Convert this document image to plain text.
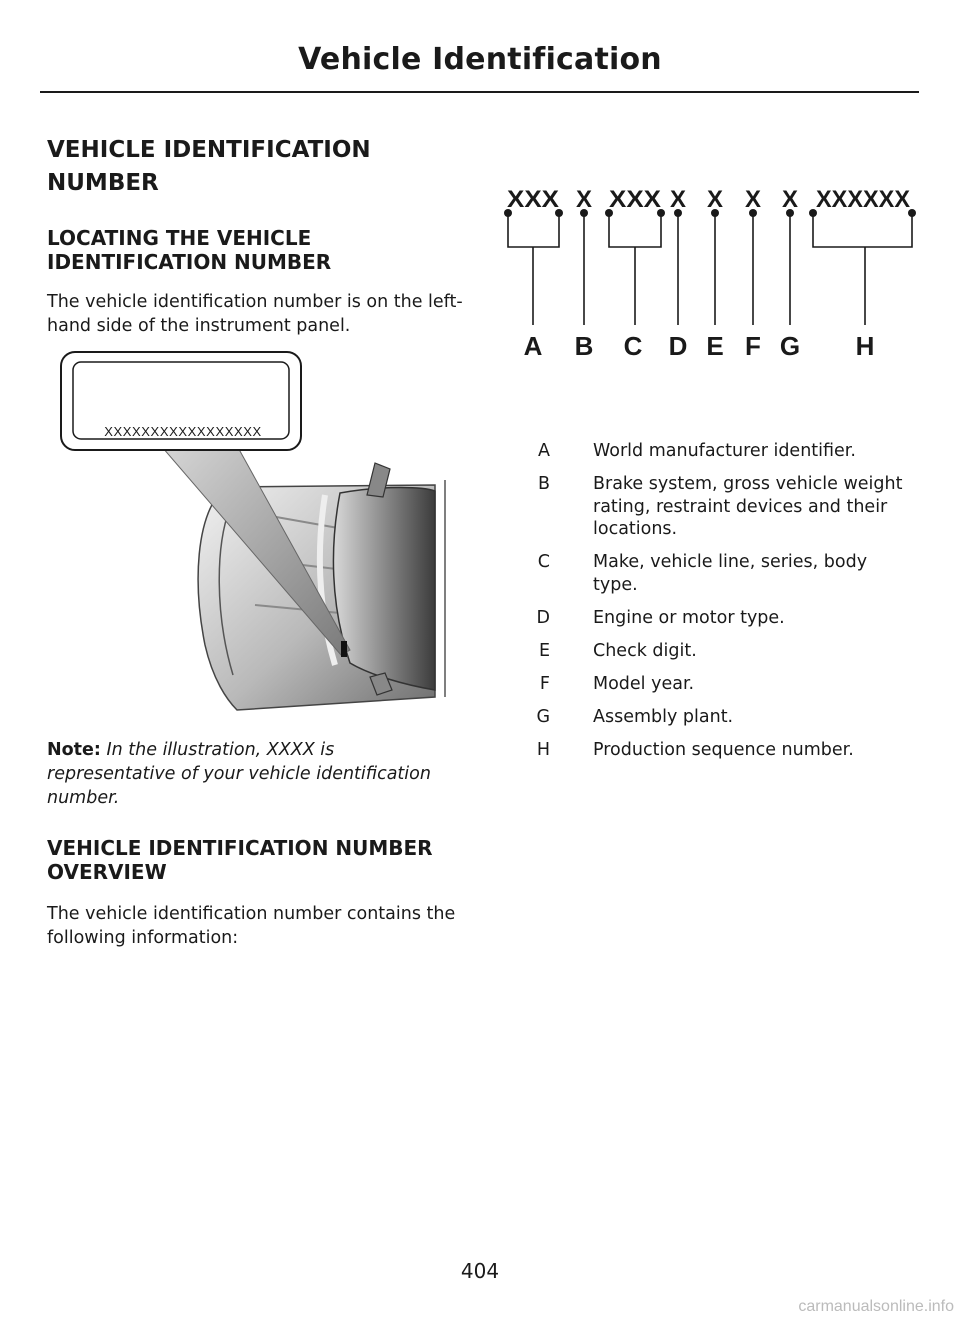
Vehicle Identification
VEHICLE IDENTIFICATION NUMBER
LOCATING THE VEHICLE IDENTIFICATION NUMBER

The vehicle identification number is on the left-hand side of the instrument panel.

XXXXXXXXXXXXXXXXX

Note: In the illustration, XXXX is representative of your vehicle identification number.

VEHICLE IDENTIFICATION NUMBER OVERVIEW

The vehicle identification number contains the following information:

XXX X XXX X X X X XXXXXX
A B C D E F G H
A World manufacturer identifier.
B Brake system, gross vehicle weight rating, restraint devices and their locations.
C Make, vehicle line, series, body type.
D Engine or motor type.
E Check digit.
F Model year.
G Assembly plant.
H Production sequence number.
404
carmanualsonline.info
